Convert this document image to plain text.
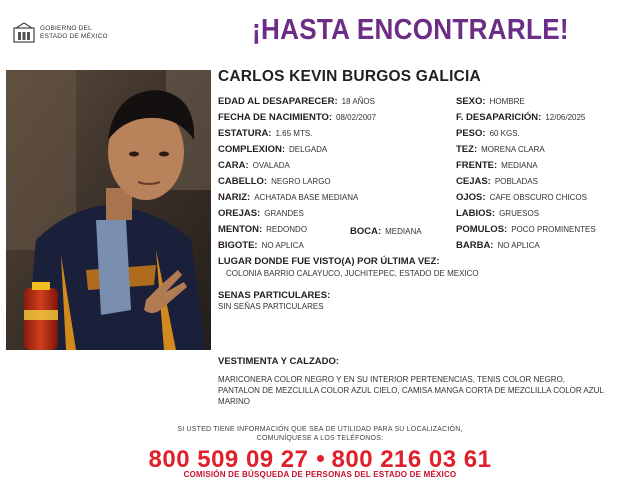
GOBIERNO DEL
ESTADO DE MÉXICO	¡HASTA ENCONTRARLE!
CARLOS KEVIN BURGOS GALICIA
EDAD AL DESAPARECER: 18 AÑOS
FECHA DE NACIMIENTO: 08/02/2007
ESTATURA: 1.65 MTS.
COMPLEXION: DELGADA
CARA: OVALADA
CABELLO: NEGRO LARGO
NARIZ: ACHATADA BASE MEDIANA
OREJAS: GRANDES
MENTON: REDONDO
BIGOTE: NO APLICA
BOCA: MEDIANA
SEXO: HOMBRE
F. DESAPARICIÓN: 12/06/2025
PESO: 60 KGS.
TEZ: MORENA CLARA
FRENTE: MEDIANA
CEJAS: POBLADAS
OJOS: CAFE OBSCURO CHICOS
LABIOS: GRUESOS
POMULOS: POCO PROMINENTES
BARBA: NO APLICA
LUGAR DONDE FUE VISTO(A) POR ÚLTIMA VEZ:
COLONIA BARRIO CALAYUCO, JUCHITEPEC, ESTADO DE MEXICO
SENAS PARTICULARES:
SIN SEÑAS PARTICULARES
VESTIMENTA Y CALZADO:
MARICONERA COLOR NEGRO Y EN SU INTERIOR PERTENENCIAS, TENIS COLOR NEGRO, PANTALON DE MEZCLILLA COLOR AZUL CIELO, CAMISA MANGA CORTA DE MEZCLILLA COLOR AZUL MARINO
SI USTED TIENE INFORMACIÓN QUE SEA DE UTILIDAD PARA SU LOCALIZACIÓN,
COMUNÍQUESE A LOS TELÉFONOS:
800 509 09 27 800 216 03 61
COMISIÓN DE BÚSQUEDA DE PERSONAS DEL ESTADO DE MÉXICO
